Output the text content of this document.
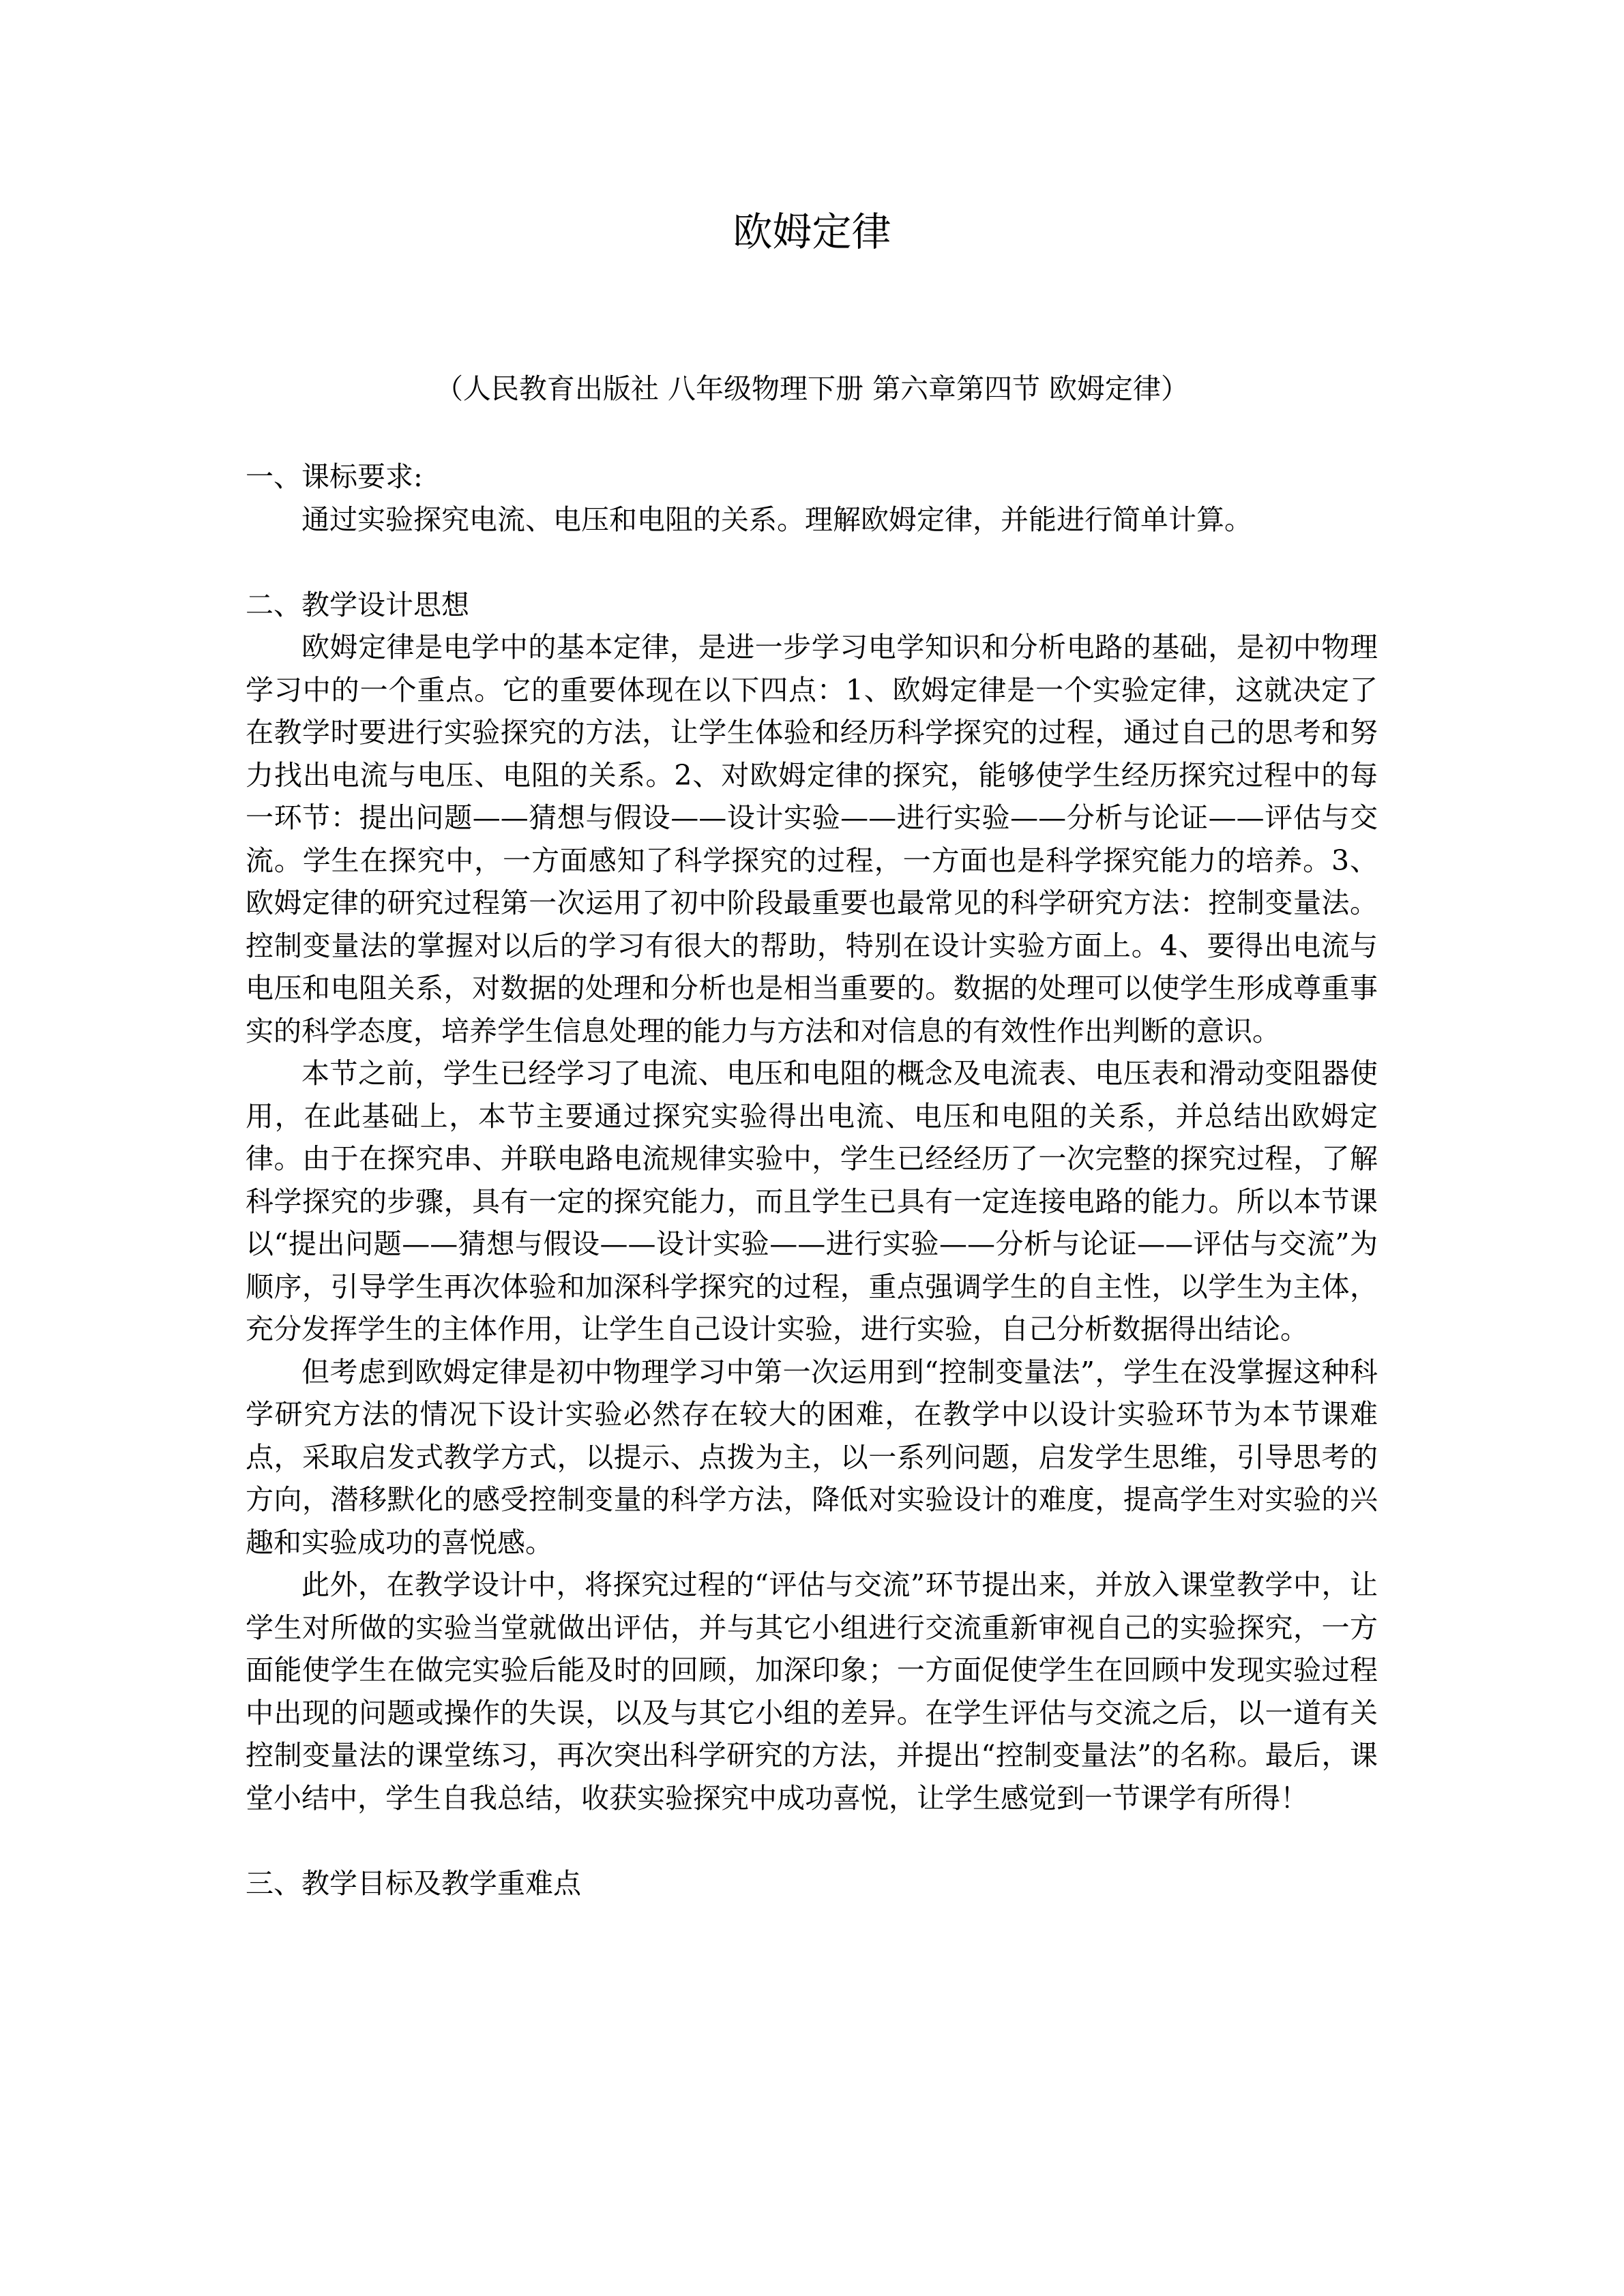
欧姆定律

（人民教育出版社 八年级物理下册 第六章第四节 欧姆定律）

一、课标要求:

通过实验探究电流、电压和电阻的关系。理解欧姆定律，并能进行简单计算。

二、教学设计思想

欧姆定律是电学中的基本定律，是进一步学习电学知识和分析电路的基础，是初中物理学习中的一个重点。它的重要体现在以下四点：1、欧姆定律是一个实验定律，这就决定了在教学时要进行实验探究的方法，让学生体验和经历科学探究的过程，通过自己的思考和努力找出电流与电压、电阻的关系。2、对欧姆定律的探究，能够使学生经历探究过程中的每一环节：提出问题——猜想与假设——设计实验——进行实验——分析与论证——评估与交流。学生在探究中，一方面感知了科学探究的过程，一方面也是科学探究能力的培养。3、欧姆定律的研究过程第一次运用了初中阶段最重要也最常见的科学研究方法：控制变量法。控制变量法的掌握对以后的学习有很大的帮助，特别在设计实验方面上。4、要得出电流与电压和电阻关系，对数据的处理和分析也是相当重要的。数据的处理可以使学生形成尊重事实的科学态度，培养学生信息处理的能力与方法和对信息的有效性作出判断的意识。

本节之前，学生已经学习了电流、电压和电阻的概念及电流表、电压表和滑动变阻器使用，在此基础上，本节主要通过探究实验得出电流、电压和电阻的关系，并总结出欧姆定律。由于在探究串、并联电路电流规律实验中，学生已经经历了一次完整的探究过程，了解科学探究的步骤，具有一定的探究能力，而且学生已具有一定连接电路的能力。所以本节课以“提出问题——猜想与假设——设计实验——进行实验——分析与论证——评估与交流”为顺序，引导学生再次体验和加深科学探究的过程，重点强调学生的自主性，以学生为主体，充分发挥学生的主体作用，让学生自己设计实验，进行实验，自己分析数据得出结论。

但考虑到欧姆定律是初中物理学习中第一次运用到“控制变量法”，学生在没掌握这种科学研究方法的情况下设计实验必然存在较大的困难，在教学中以设计实验环节为本节课难点，采取启发式教学方式，以提示、点拨为主，以一系列问题，启发学生思维，引导思考的方向，潜移默化的感受控制变量的科学方法，降低对实验设计的难度，提高学生对实验的兴趣和实验成功的喜悦感。

此外，在教学设计中，将探究过程的“评估与交流”环节提出来，并放入课堂教学中，让学生对所做的实验当堂就做出评估，并与其它小组进行交流重新审视自己的实验探究，一方面能使学生在做完实验后能及时的回顾，加深印象；一方面促使学生在回顾中发现实验过程中出现的问题或操作的失误，以及与其它小组的差异。在学生评估与交流之后，以一道有关控制变量法的课堂练习，再次突出科学研究的方法，并提出“控制变量法”的名称。最后，课堂小结中，学生自我总结，收获实验探究中成功喜悦，让学生感觉到一节课学有所得！

三、教学目标及教学重难点
